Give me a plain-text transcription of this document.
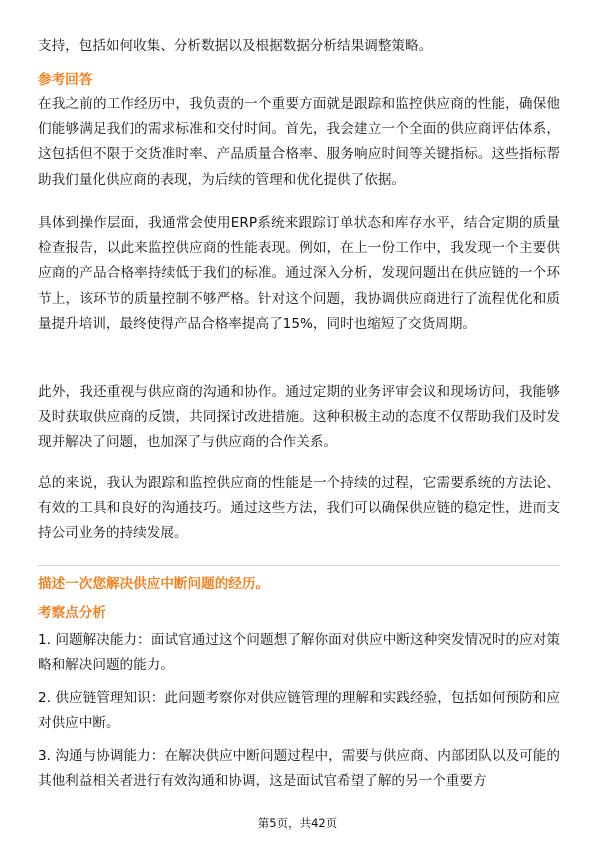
支持，包括如何收集、分析数据以及根据数据分析结果调整策略。

参考回答

在我之前的工作经历中，我负责的一个重要方面就是跟踪和监控供应商的性能，确保他们能够满足我们的需求标准和交付时间。首先，我会建立一个全面的供应商评估体系，这包括但不限于交货准时率、产品质量合格率、服务响应时间等关键指标。这些指标帮助我们量化供应商的表现，为后续的管理和优化提供了依据。

具体到操作层面，我通常会使用ERP系统来跟踪订单状态和库存水平，结合定期的质量检查报告，以此来监控供应商的性能表现。例如，在上一份工作中，我发现一个主要供应商的产品合格率持续低于我们的标准。通过深入分析，发现问题出在供应链的一个环节上，该环节的质量控制不够严格。针对这个问题，我协调供应商进行了流程优化和质量提升培训，最终使得产品合格率提高了15%，同时也缩短了交货周期。

此外，我还重视与供应商的沟通和协作。通过定期的业务评审会议和现场访问，我能够及时获取供应商的反馈，共同探讨改进措施。这种积极主动的态度不仅帮助我们及时发现并解决了问题，也加深了与供应商的合作关系。

总的来说，我认为跟踪和监控供应商的性能是一个持续的过程，它需要系统的方法论、有效的工具和良好的沟通技巧。通过这些方法，我们可以确保供应链的稳定性，进而支持公司业务的持续发展。

描述一次您解决供应中断问题的经历。
考察点分析

1. 问题解决能力：面试官通过这个问题想了解你面对供应中断这种突发情况时的应对策略和解决问题的能力。

2. 供应链管理知识：此问题考察你对供应链管理的理解和实践经验，包括如何预防和应对供应中断。

3. 沟通与协调能力：在解决供应中断问题过程中，需要与供应商、内部团队以及可能的其他利益相关者进行有效沟通和协调，这是面试官希望了解的另一个重要方

第5页，共42页
